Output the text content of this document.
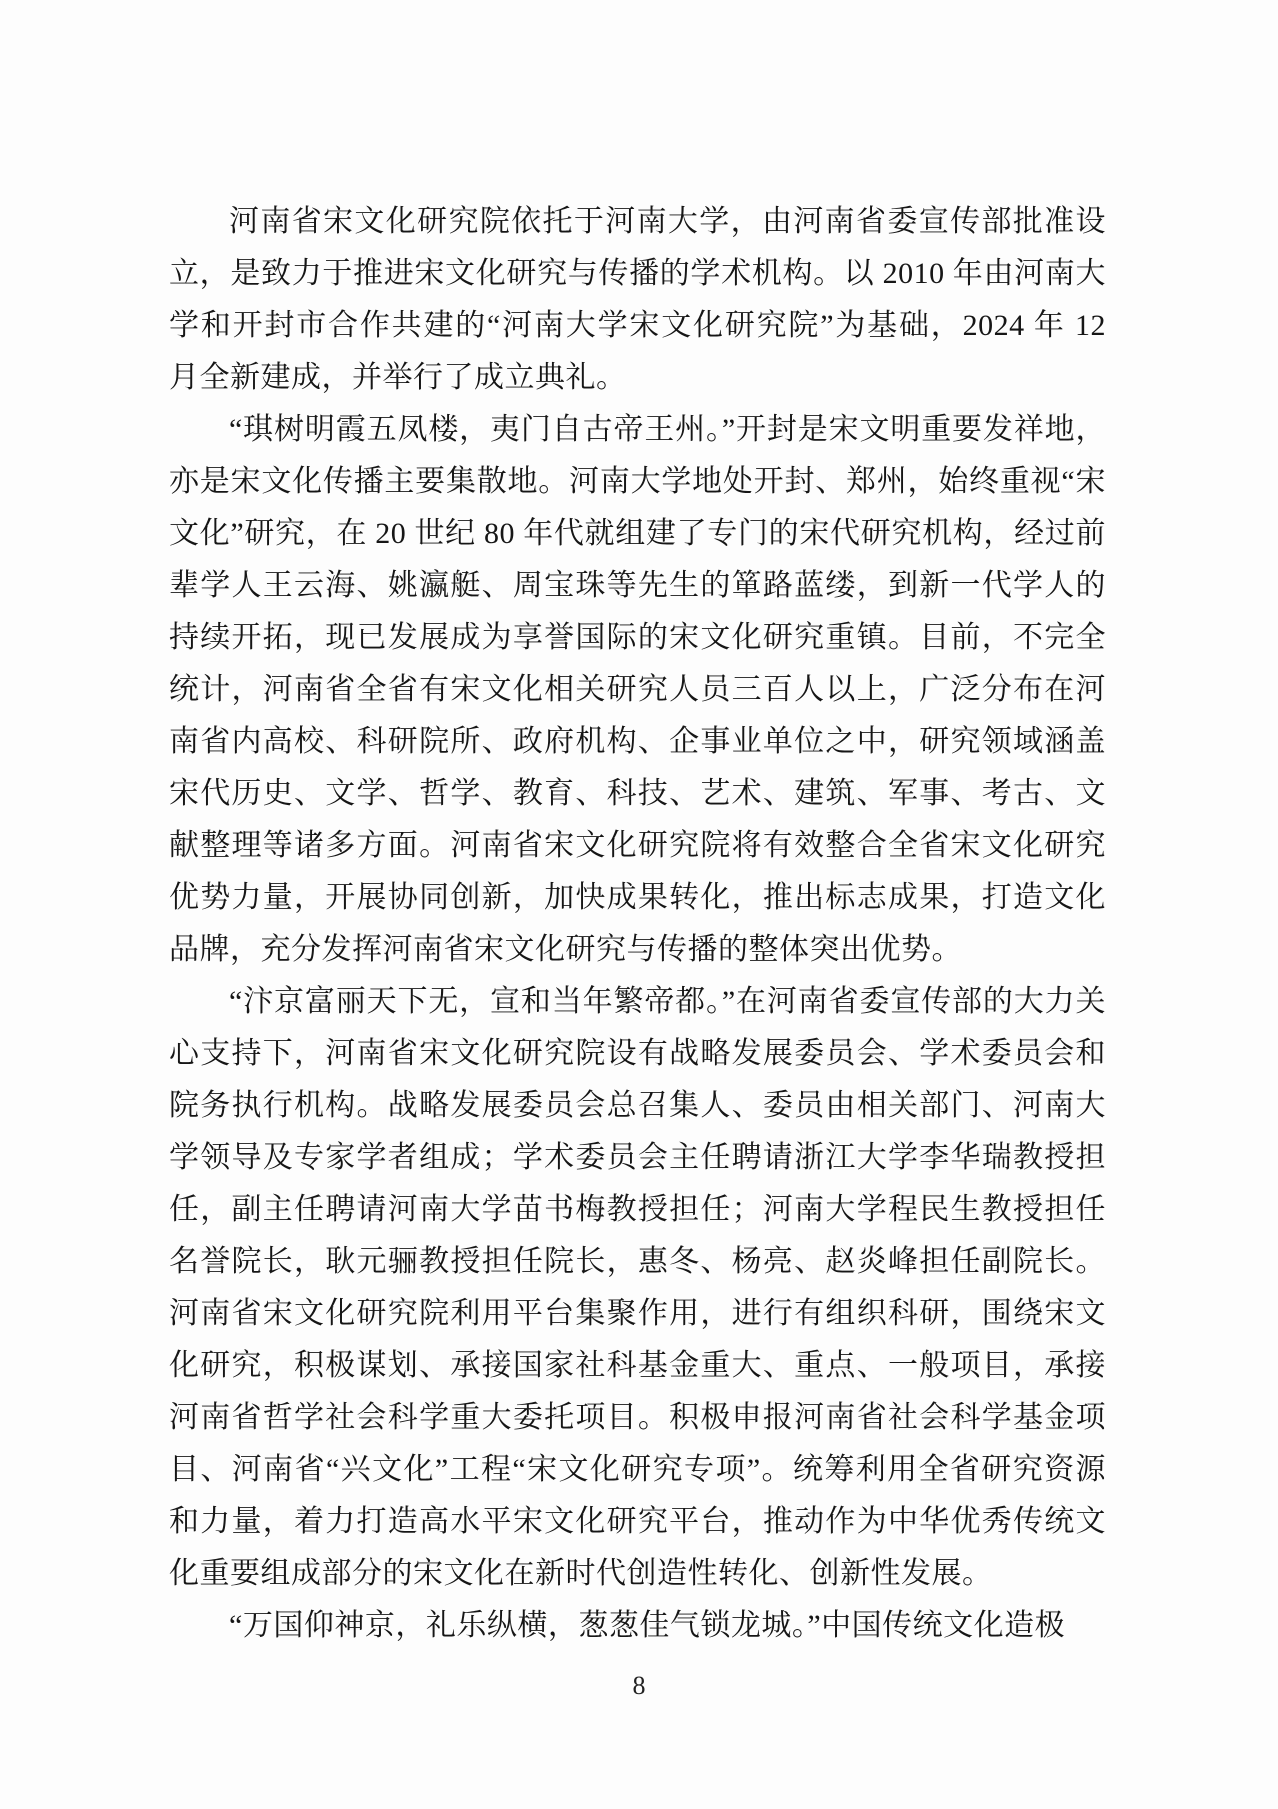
河南省宋文化研究院依托于河南大学，由河南省委宣传部批准设立，是致力于推进宋文化研究与传播的学术机构。以 2010 年由河南大学和开封市合作共建的“河南大学宋文化研究院”为基础，2024 年 12 月全新建成，并举行了成立典礼。

“琪树明霞五凤楼，夷门自古帝王州。”开封是宋文明重要发祥地，亦是宋文化传播主要集散地。河南大学地处开封、郑州，始终重视“宋文化”研究，在 20 世纪 80 年代就组建了专门的宋代研究机构，经过前辈学人王云海、姚瀛艇、周宝珠等先生的箪路蓝缕，到新一代学人的持续开拓，现已发展成为享誉国际的宋文化研究重镇。目前，不完全统计，河南省全省有宋文化相关研究人员三百人以上，广泛分布在河南省内高校、科研院所、政府机构、企事业单位之中，研究领域涵盖宋代历史、文学、哲学、教育、科技、艺术、建筑、军事、考古、文献整理等诸多方面。河南省宋文化研究院将有效整合全省宋文化研究优势力量，开展协同创新，加快成果转化，推出标志成果，打造文化品牌，充分发挥河南省宋文化研究与传播的整体突出优势。

“汴京富丽天下无，宣和当年繁帝都。”在河南省委宣传部的大力关心支持下，河南省宋文化研究院设有战略发展委员会、学术委员会和院务执行机构。战略发展委员会总召集人、委员由相关部门、河南大学领导及专家学者组成；学术委员会主任聘请浙江大学李华瑞教授担任，副主任聘请河南大学苗书梅教授担任；河南大学程民生教授担任名誉院长，耿元骊教授担任院长，惠冬、杨亮、赵炎峰担任副院长。河南省宋文化研究院利用平台集聚作用，进行有组织科研，围绕宋文化研究，积极谋划、承接国家社科基金重大、重点、一般项目，承接河南省哲学社会科学重大委托项目。积极申报河南省社会科学基金项目、河南省“兴文化”工程“宋文化研究专项”。统筹利用全省研究资源和力量，着力打造高水平宋文化研究平台，推动作为中华优秀传统文化重要组成部分的宋文化在新时代创造性转化、创新性发展。

“万国仰神京，礼乐纵横，葱葱佳气锁龙城。”中国传统文化造极

8
